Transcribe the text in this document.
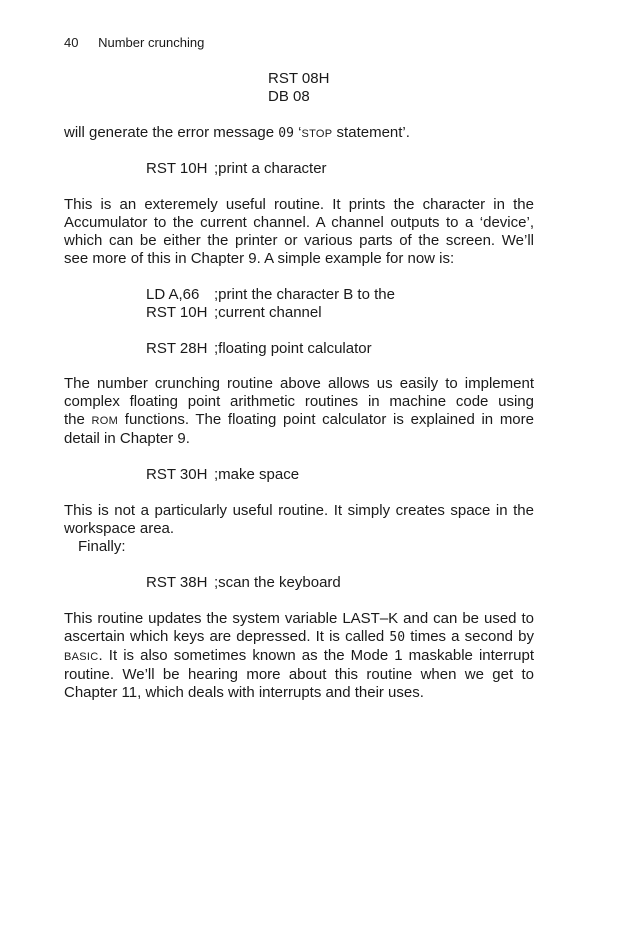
40 Number crunching
RST 08H
DB 08
will generate the error message 09 ‘STOP statement’.
RST 10H ;print a character
This is an exteremely useful routine. It prints the character in the
Accumulator to the current channel. A channel outputs to a ‘device’,
which can be either the printer or various parts of the screen. We’ll
see more of this in Chapter 9. A simple example for now is:
LD A,66 ;print the character B to the
RST 10H ;current channel
RST 28H ;floating point calculator
The number crunching routine above allows us easily to implement
complex floating point arithmetic routines in machine code using
the ROM functions. The floating point calculator is explained in more
detail in Chapter 9.
RST 30H ;make space
This is not a particularly useful routine. It simply creates space in the
workspace area.
Finally:
RST 38H ;scan the keyboard
This routine updates the system variable LAST–K and can be used to
ascertain which keys are depressed. It is called 50 times a second by
BASIC. It is also sometimes known as the Mode 1 maskable interrupt
routine. We’ll be hearing more about this routine when we get to
Chapter 11, which deals with interrupts and their uses.
